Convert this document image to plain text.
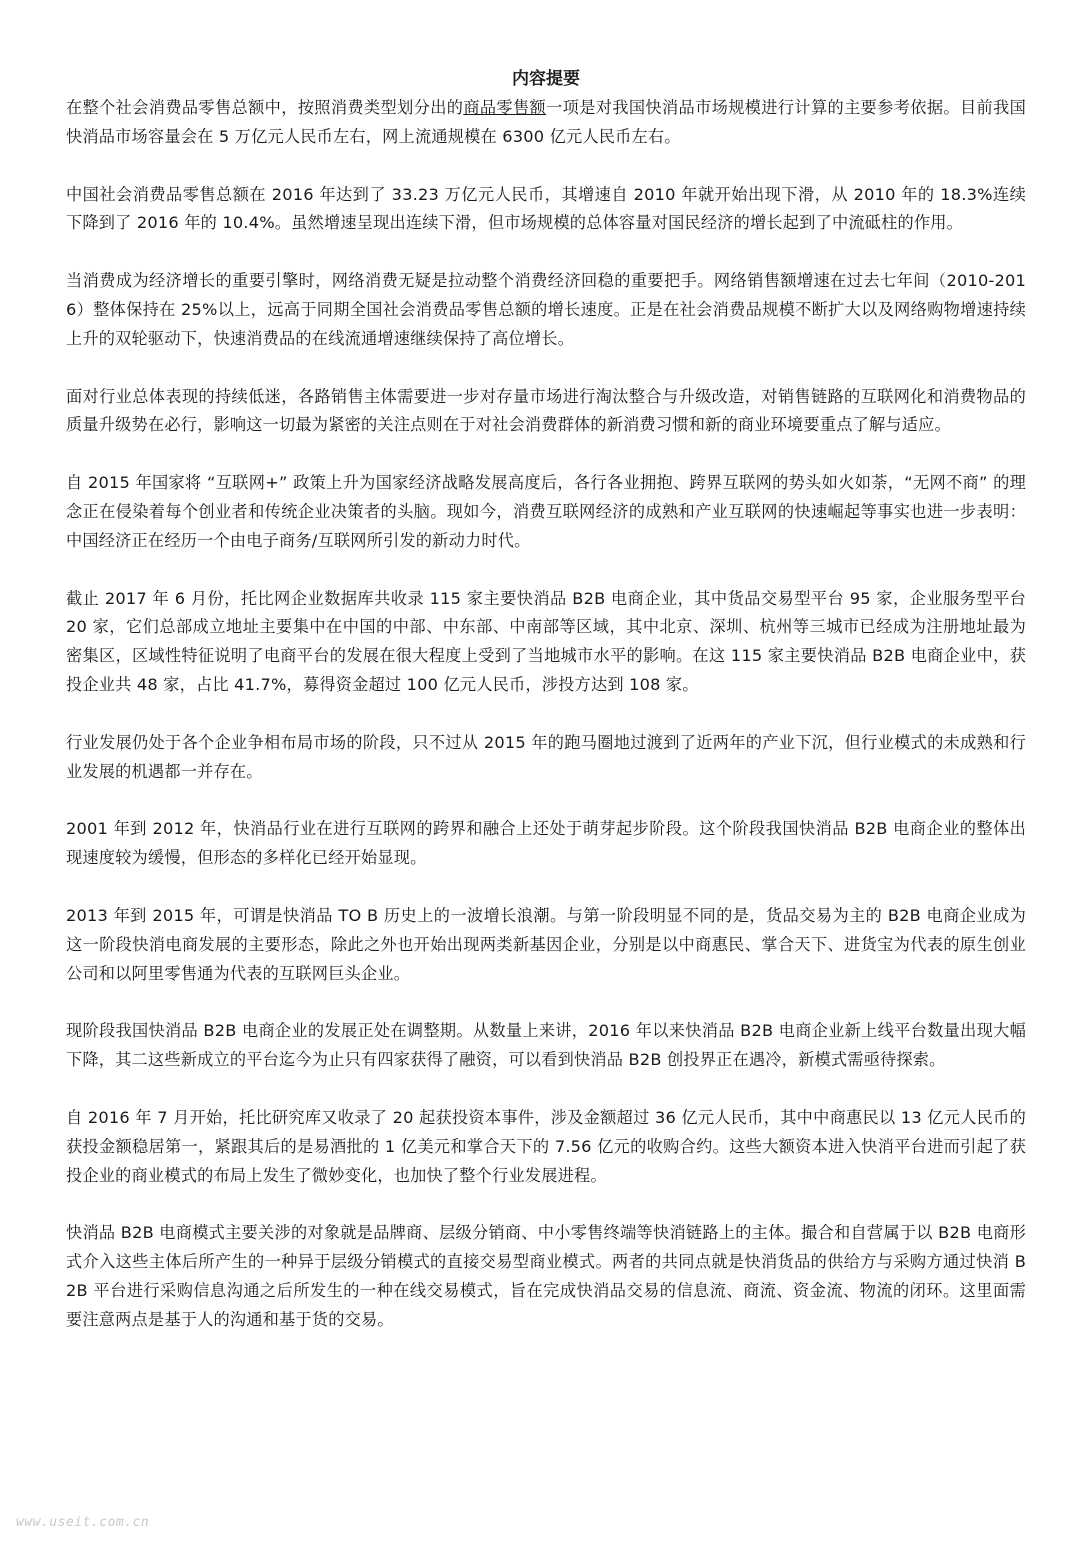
内容提要

在整个社会消费品零售总额中，按照消费类型划分出的商品零售额一项是对我国快消品市场规模进行计算的主要参考依据。目前我国快消品市场容量会在 5 万亿元人民币左右，网上流通规模在 6300 亿元人民币左右。

中国社会消费品零售总额在 2016 年达到了 33.23 万亿元人民币，其增速自 2010 年就开始出现下滑，从 2010 年的 18.3%连续下降到了 2016 年的 10.4%。虽然增速呈现出连续下滑，但市场规模的总体容量对国民经济的增长起到了中流砥柱的作用。

当消费成为经济增长的重要引擎时，网络消费无疑是拉动整个消费经济回稳的重要把手。网络销售额增速在过去七年间（2010-2016）整体保持在 25%以上，远高于同期全国社会消费品零售总额的增长速度。正是在社会消费品规模不断扩大以及网络购物增速持续上升的双轮驱动下，快速消费品的在线流通增速继续保持了高位增长。

面对行业总体表现的持续低迷，各路销售主体需要进一步对存量市场进行淘汰整合与升级改造，对销售链路的互联网化和消费物品的质量升级势在必行，影响这一切最为紧密的关注点则在于对社会消费群体的新消费习惯和新的商业环境要重点了解与适应。

自 2015 年国家将 “互联网+” 政策上升为国家经济战略发展高度后，各行各业拥抱、跨界互联网的势头如火如荼，“无网不商” 的理念正在侵染着每个创业者和传统企业决策者的头脑。现如今，消费互联网经济的成熟和产业互联网的快速崛起等事实也进一步表明：中国经济正在经历一个由电子商务/互联网所引发的新动力时代。

截止 2017 年 6 月份，托比网企业数据库共收录 115 家主要快消品 B2B 电商企业，其中货品交易型平台 95 家，企业服务型平台 20 家，它们总部成立地址主要集中在中国的中部、中东部、中南部等区域，其中北京、深圳、杭州等三城市已经成为注册地址最为密集区，区域性特征说明了电商平台的发展在很大程度上受到了当地城市水平的影响。在这 115 家主要快消品 B2B 电商企业中，获投企业共 48 家，占比 41.7%，募得资金超过 100 亿元人民币，涉投方达到 108 家。

行业发展仍处于各个企业争相布局市场的阶段，只不过从 2015 年的跑马圈地过渡到了近两年的产业下沉，但行业模式的未成熟和行业发展的机遇都一并存在。

2001 年到 2012 年，快消品行业在进行互联网的跨界和融合上还处于萌芽起步阶段。这个阶段我国快消品 B2B 电商企业的整体出现速度较为缓慢，但形态的多样化已经开始显现。

2013 年到 2015 年，可谓是快消品 TO B 历史上的一波增长浪潮。与第一阶段明显不同的是，货品交易为主的 B2B 电商企业成为这一阶段快消电商发展的主要形态，除此之外也开始出现两类新基因企业，分别是以中商惠民、掌合天下、进货宝为代表的原生创业公司和以阿里零售通为代表的互联网巨头企业。

现阶段我国快消品 B2B 电商企业的发展正处在调整期。从数量上来讲，2016 年以来快消品 B2B 电商企业新上线平台数量出现大幅下降，其二这些新成立的平台迄今为止只有四家获得了融资，可以看到快消品 B2B 创投界正在遇冷，新模式需亟待探索。

自 2016 年 7 月开始，托比研究库又收录了 20 起获投资本事件，涉及金额超过 36 亿元人民币，其中中商惠民以 13 亿元人民币的获投金额稳居第一，紧跟其后的是易酒批的 1 亿美元和掌合天下的 7.56 亿元的收购合约。这些大额资本进入快消平台进而引起了获投企业的商业模式的布局上发生了微妙变化，也加快了整个行业发展进程。

快消品 B2B 电商模式主要关涉的对象就是品牌商、层级分销商、中小零售终端等快消链路上的主体。撮合和自营属于以 B2B 电商形式介入这些主体后所产生的一种异于层级分销模式的直接交易型商业模式。两者的共同点就是快消货品的供给方与采购方通过快消 B2B 平台进行采购信息沟通之后所发生的一种在线交易模式，旨在完成快消品交易的信息流、商流、资金流、物流的闭环。这里面需要注意两点是基于人的沟通和基于货的交易。

www.useit.com.cn
